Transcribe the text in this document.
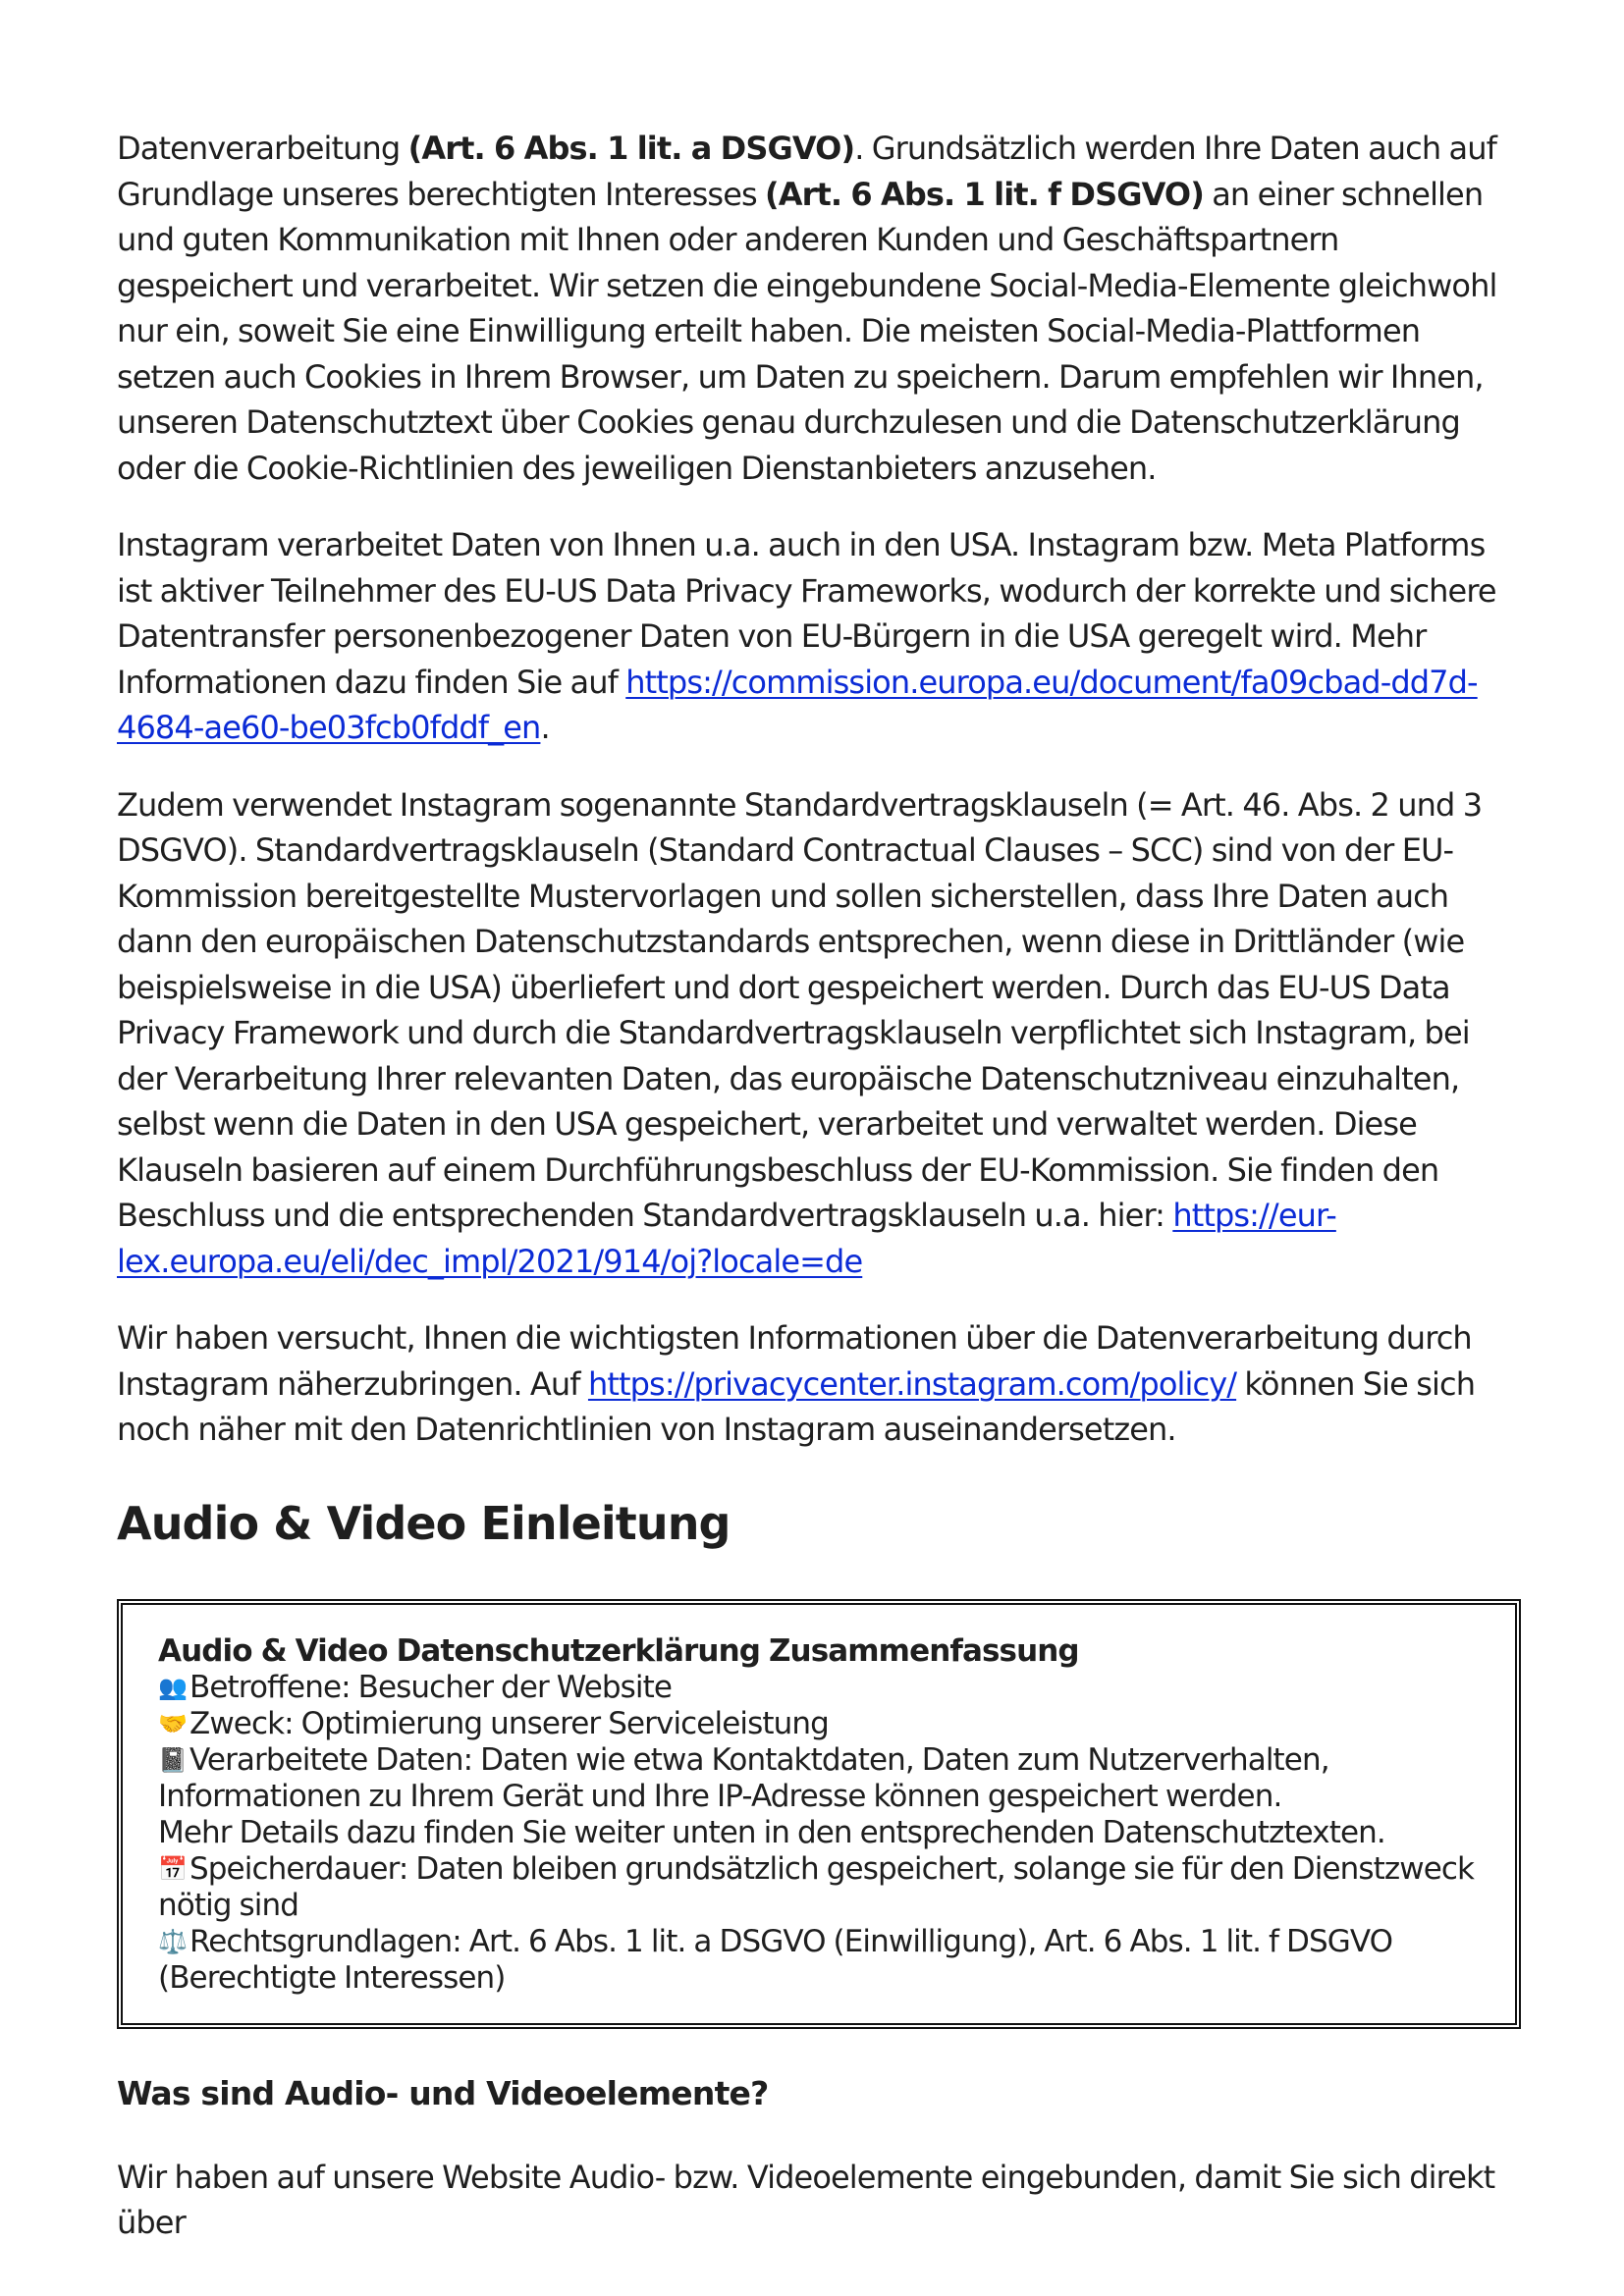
Datenverarbeitung (Art. 6 Abs. 1 lit. a DSGVO). Grundsätzlich werden Ihre Daten auch auf Grundlage unseres berechtigten Interesses (Art. 6 Abs. 1 lit. f DSGVO) an einer schnellen und guten Kommunikation mit Ihnen oder anderen Kunden und Geschäftspartnern gespeichert und verarbeitet. Wir setzen die eingebundene Social-Media-Elemente gleichwohl nur ein, soweit Sie eine Einwilligung erteilt haben. Die meisten Social-Media-Plattformen setzen auch Cookies in Ihrem Browser, um Daten zu speichern. Darum empfehlen wir Ihnen, unseren Datenschutztext über Cookies genau durchzulesen und die Datenschutzerklärung oder die Cookie-Richtlinien des jeweiligen Dienstanbieters anzusehen.

Instagram verarbeitet Daten von Ihnen u.a. auch in den USA. Instagram bzw. Meta Platforms ist aktiver Teilnehmer des EU-US Data Privacy Frameworks, wodurch der korrekte und sichere Datentransfer personenbezogener Daten von EU-Bürgern in die USA geregelt wird. Mehr Informationen dazu finden Sie auf https://commission.europa.eu/document/fa09cbad-dd7d-4684-ae60-be03fcb0fddf_en.

Zudem verwendet Instagram sogenannte Standardvertragsklauseln (= Art. 46. Abs. 2 und 3 DSGVO). Standardvertragsklauseln (Standard Contractual Clauses – SCC) sind von der EU-Kommission bereitgestellte Mustervorlagen und sollen sicherstellen, dass Ihre Daten auch dann den europäischen Datenschutzstandards entsprechen, wenn diese in Drittländer (wie beispielsweise in die USA) überliefert und dort gespeichert werden. Durch das EU-US Data Privacy Framework und durch die Standardvertragsklauseln verpflichtet sich Instagram, bei der Verarbeitung Ihrer relevanten Daten, das europäische Datenschutzniveau einzuhalten, selbst wenn die Daten in den USA gespeichert, verarbeitet und verwaltet werden. Diese Klauseln basieren auf einem Durchführungsbeschluss der EU-Kommission. Sie finden den Beschluss und die entsprechenden Standardvertragsklauseln u.a. hier: https://eur-lex.europa.eu/eli/dec_impl/2021/914/oj?locale=de

Wir haben versucht, Ihnen die wichtigsten Informationen über die Datenverarbeitung durch Instagram näherzubringen. Auf https://privacycenter.instagram.com/policy/ können Sie sich noch näher mit den Datenrichtlinien von Instagram auseinandersetzen.

Audio & Video Einleitung
Audio & Video Datenschutzerklärung Zusammenfassung
👥Betroffene: Besucher der Website
🤝Zweck: Optimierung unserer Serviceleistung
📓Verarbeitete Daten: Daten wie etwa Kontaktdaten, Daten zum Nutzerverhalten, Informationen zu Ihrem Gerät und Ihre IP-Adresse können gespeichert werden.
Mehr Details dazu finden Sie weiter unten in den entsprechenden Datenschutztexten.
📅Speicherdauer: Daten bleiben grundsätzlich gespeichert, solange sie für den Dienstzweck nötig sind
⚖️Rechtsgrundlagen: Art. 6 Abs. 1 lit. a DSGVO (Einwilligung), Art. 6 Abs. 1 lit. f DSGVO (Berechtigte Interessen)
Was sind Audio- und Videoelemente?

Wir haben auf unsere Website Audio- bzw. Videoelemente eingebunden, damit Sie sich direkt über
